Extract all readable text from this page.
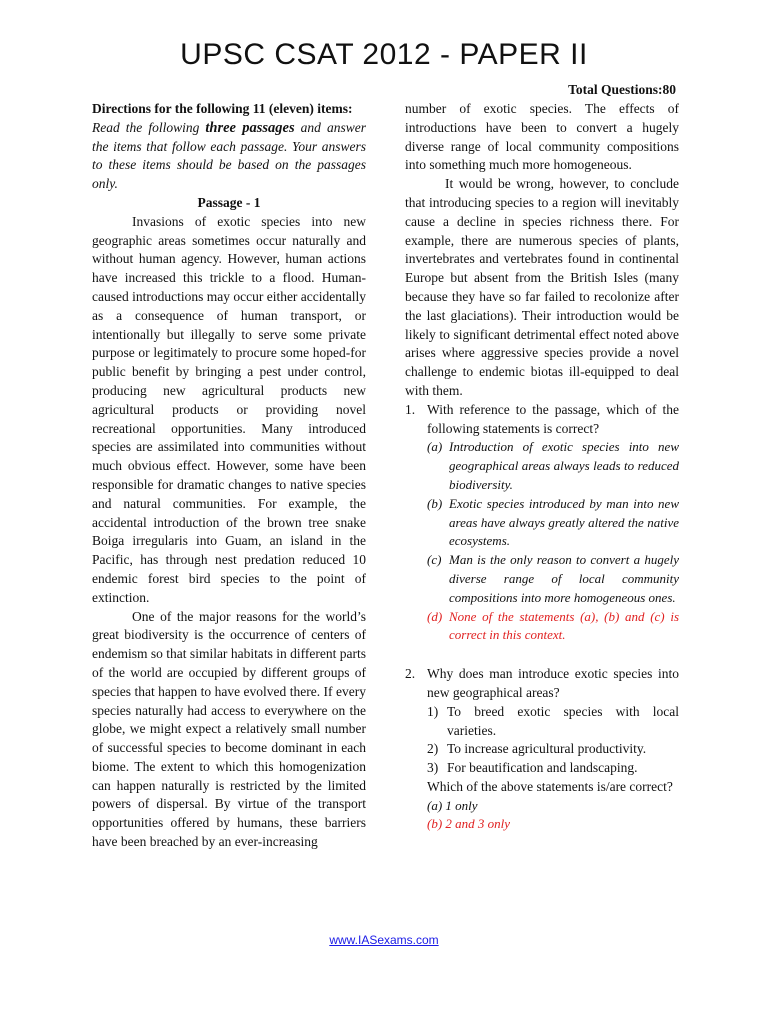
UPSC CSAT 2012 - PAPER II
Total Questions:80

Directions for the following 11 (eleven) items:

Read the following three passages and answer the items that follow each passage. Your answers to these items should be based on the passages only.

Passage - 1

Invasions of exotic species into new geographic areas sometimes occur naturally and without human agency. However, human actions have increased this trickle to a flood. Human-caused introductions may occur either accidentally as a consequence of human transport, or intentionally but illegally to serve some private purpose or legitimately to procure some hoped-for public benefit by bringing a pest under control, producing new agricultural products new agricultural products or providing novel recreational opportunities. Many introduced species are assimilated into communities without much obvious effect. However, some have been responsible for dramatic changes to native species and natural communities. For example, the accidental introduction of the brown tree snake Boiga irregularis into Guam, an island in the Pacific, has through nest predation reduced 10 endemic forest bird species to the point of extinction.

One of the major reasons for the world’s great biodiversity is the occurrence of centers of endemism so that similar habitats in different parts of the world are occupied by different groups of species that happen to have evolved there. If every species naturally had access to everywhere on the globe, we might expect a relatively small number of successful species to become dominant in each biome. The extent to which this homogenization can happen naturally is restricted by the limited powers of dispersal. By virtue of the transport opportunities offered by humans, these barriers have been breached by an ever-increasing

number of exotic species. The effects of introductions have been to convert a hugely diverse range of local community compositions into something much more homogeneous.

It would be wrong, however, to conclude that introducing species to a region will inevitably cause a decline in species richness there. For example, there are numerous species of plants, invertebrates and vertebrates found in continental Europe but absent from the British Isles (many because they have so far failed to recolonize after the last glaciations). Their introduction would be likely to significant detrimental effect noted above arises where aggressive species provide a novel challenge to endemic biotas ill-equipped to deal with them.

1. With reference to the passage, which of the following statements is correct?

(a) Introduction of exotic species into new geographical areas always leads to reduced biodiversity.
(b) Exotic species introduced by man into new areas have always greatly altered the native ecosystems.
(c) Man is the only reason to convert a hugely diverse range of local community compositions into more homogeneous ones.
(d) None of the statements (a), (b) and (c) is correct in this context.
2. Why does man introduce exotic species into new geographical areas?

1) To breed exotic species with local varieties.
2) To increase agricultural productivity.
3) For beautification and landscaping.

Which of the above statements is/are correct?

(a) 1 only
(b) 2 and 3 only
www.IASexams.com
